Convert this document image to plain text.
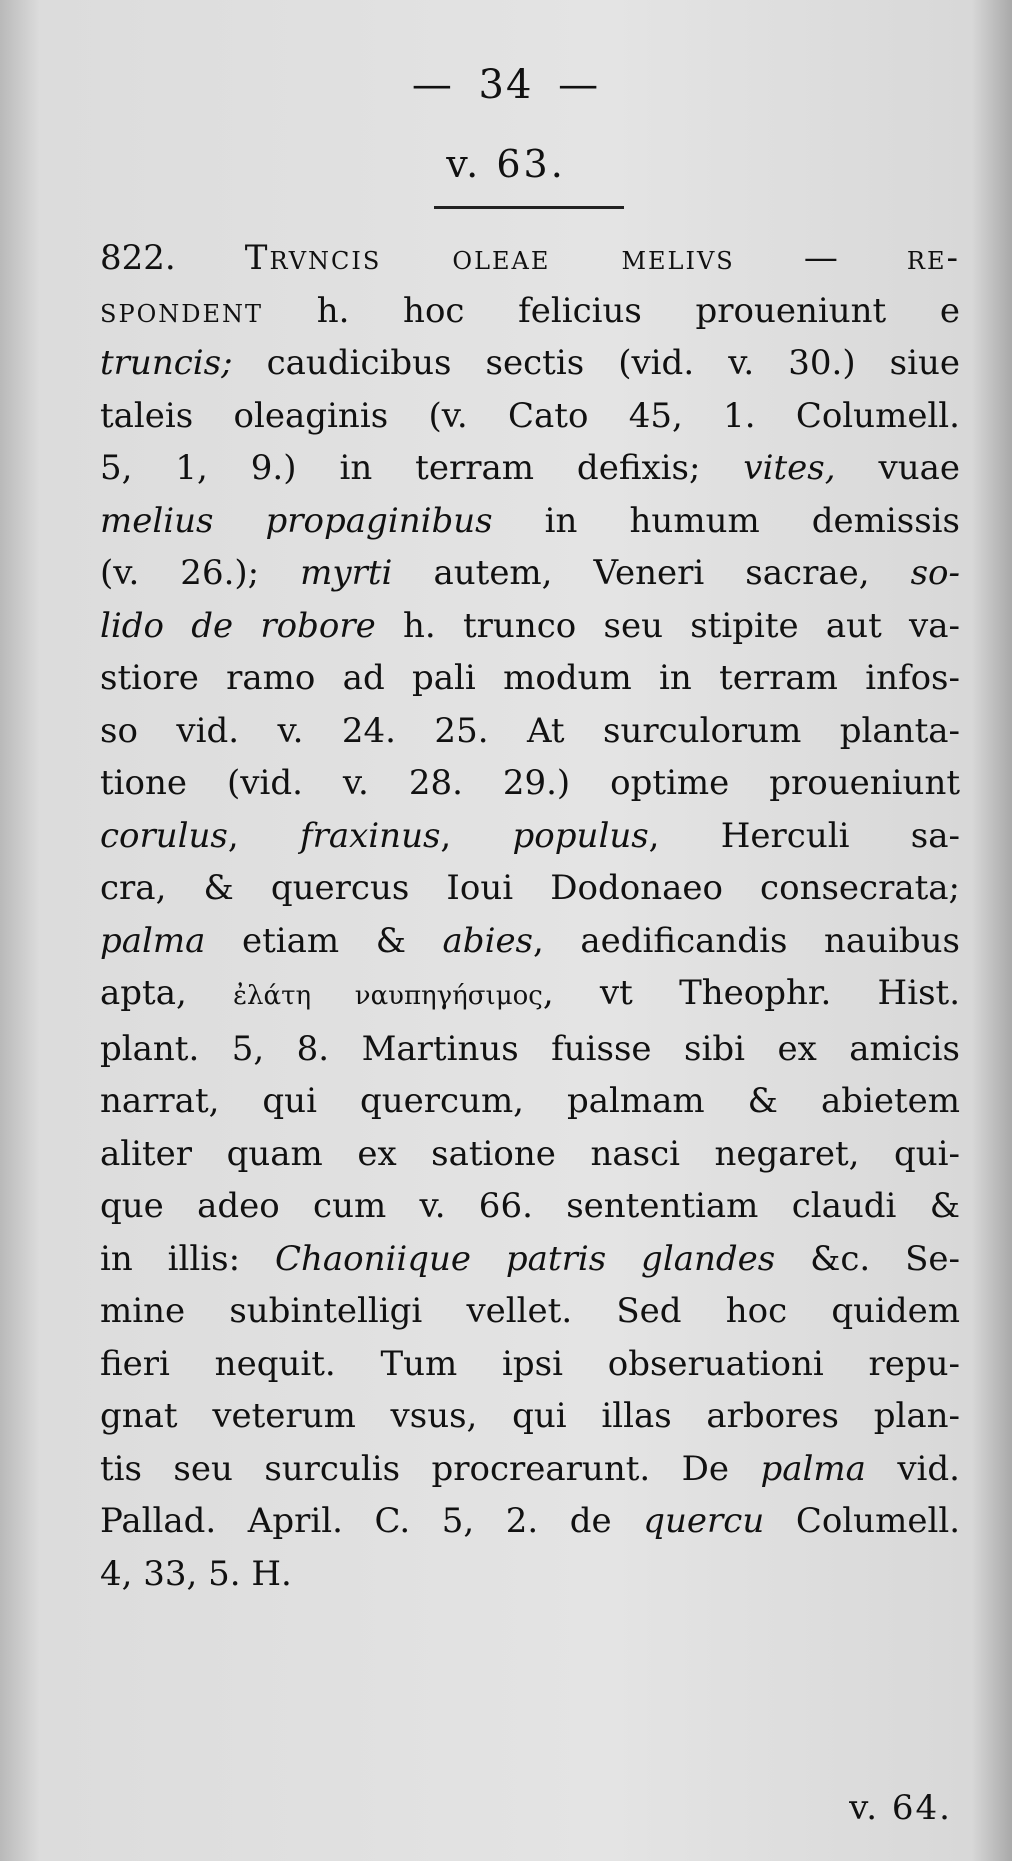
— 34 —
v. 63.
822. Trvncis oleae melivs — re-
spondent h. hoc felicius proueniunt e
truncis; caudicibus sectis (vid. v. 30.) siue
taleis oleaginis (v. Cato 45, 1. Columell.
5, 1, 9.) in terram defixis; vites, vuae
melius propaginibus in humum demissis
(v. 26.); myrti autem, Veneri sacrae, so-
lido de robore h. trunco seu stipite aut va-
stiore ramo ad pali modum in terram infos-
so vid. v. 24. 25. At surculorum planta-
tione (vid. v. 28. 29.) optime proueniunt
corulus, fraxinus, populus, Herculi sa-
cra, & quercus Ioui Dodonaeo consecrata;
palma etiam & abies, aedificandis nauibus
apta, ἐλάτη ναυπηγήσιμος, vt Theophr. Hist.
plant. 5, 8. Martinus fuisse sibi ex amicis
narrat, qui quercum, palmam & abietem
aliter quam ex satione nasci negaret, qui-
que adeo cum v. 66. sententiam claudi &
in illis: Chaoniique patris glandes &c. Se-
mine subintelligi vellet. Sed hoc quidem
fieri nequit. Tum ipsi obseruationi repu-
gnat veterum vsus, qui illas arbores plan-
tis seu surculis procrearunt. De palma vid.
Pallad. April. C. 5, 2. de quercu Columell.
4, 33, 5. H.
v. 64.
